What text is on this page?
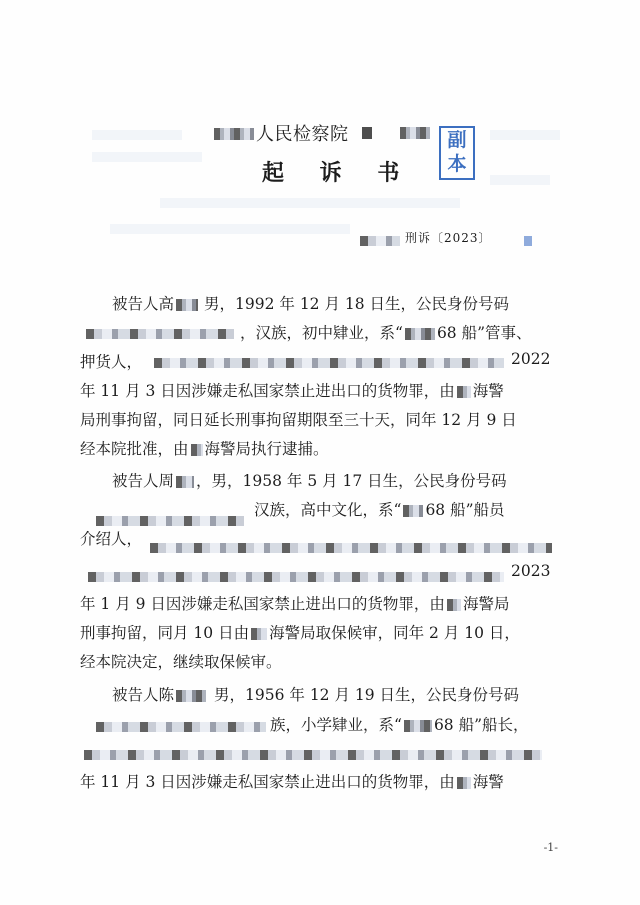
人民检察院
起 诉 书
副
本
刑诉〔2023〕
被告人高 男，1992 年 12 月 18 日生，公民身份号码
，汉族，初中肄业，系“ 68 船”管事、
押货人，	2022
年 11 月 3 日因涉嫌走私国家禁止进出口的货物罪，由 海警
局刑事拘留，同日延长刑事拘留期限至三十天，同年 12 月 9 日
经本院批准，由 海警局执行逮捕。
被告人周 ，男，1958 年 5 月 17 日生，公民身份号码
汉族，高中文化，系“ 68 船”船员
介绍人，
2023
年 1 月 9 日因涉嫌走私国家禁止进出口的货物罪，由 海警局
刑事拘留，同月 10 日由 海警局取保候审，同年 2 月 10 日，
经本院决定，继续取保候审。
被告人陈	男，1956 年 12 月 19 日生，公民身份号码
族，小学肄业，系“ 68 船”船长，
年 11 月 3 日因涉嫌走私国家禁止进出口的货物罪，由 海警
-1-
